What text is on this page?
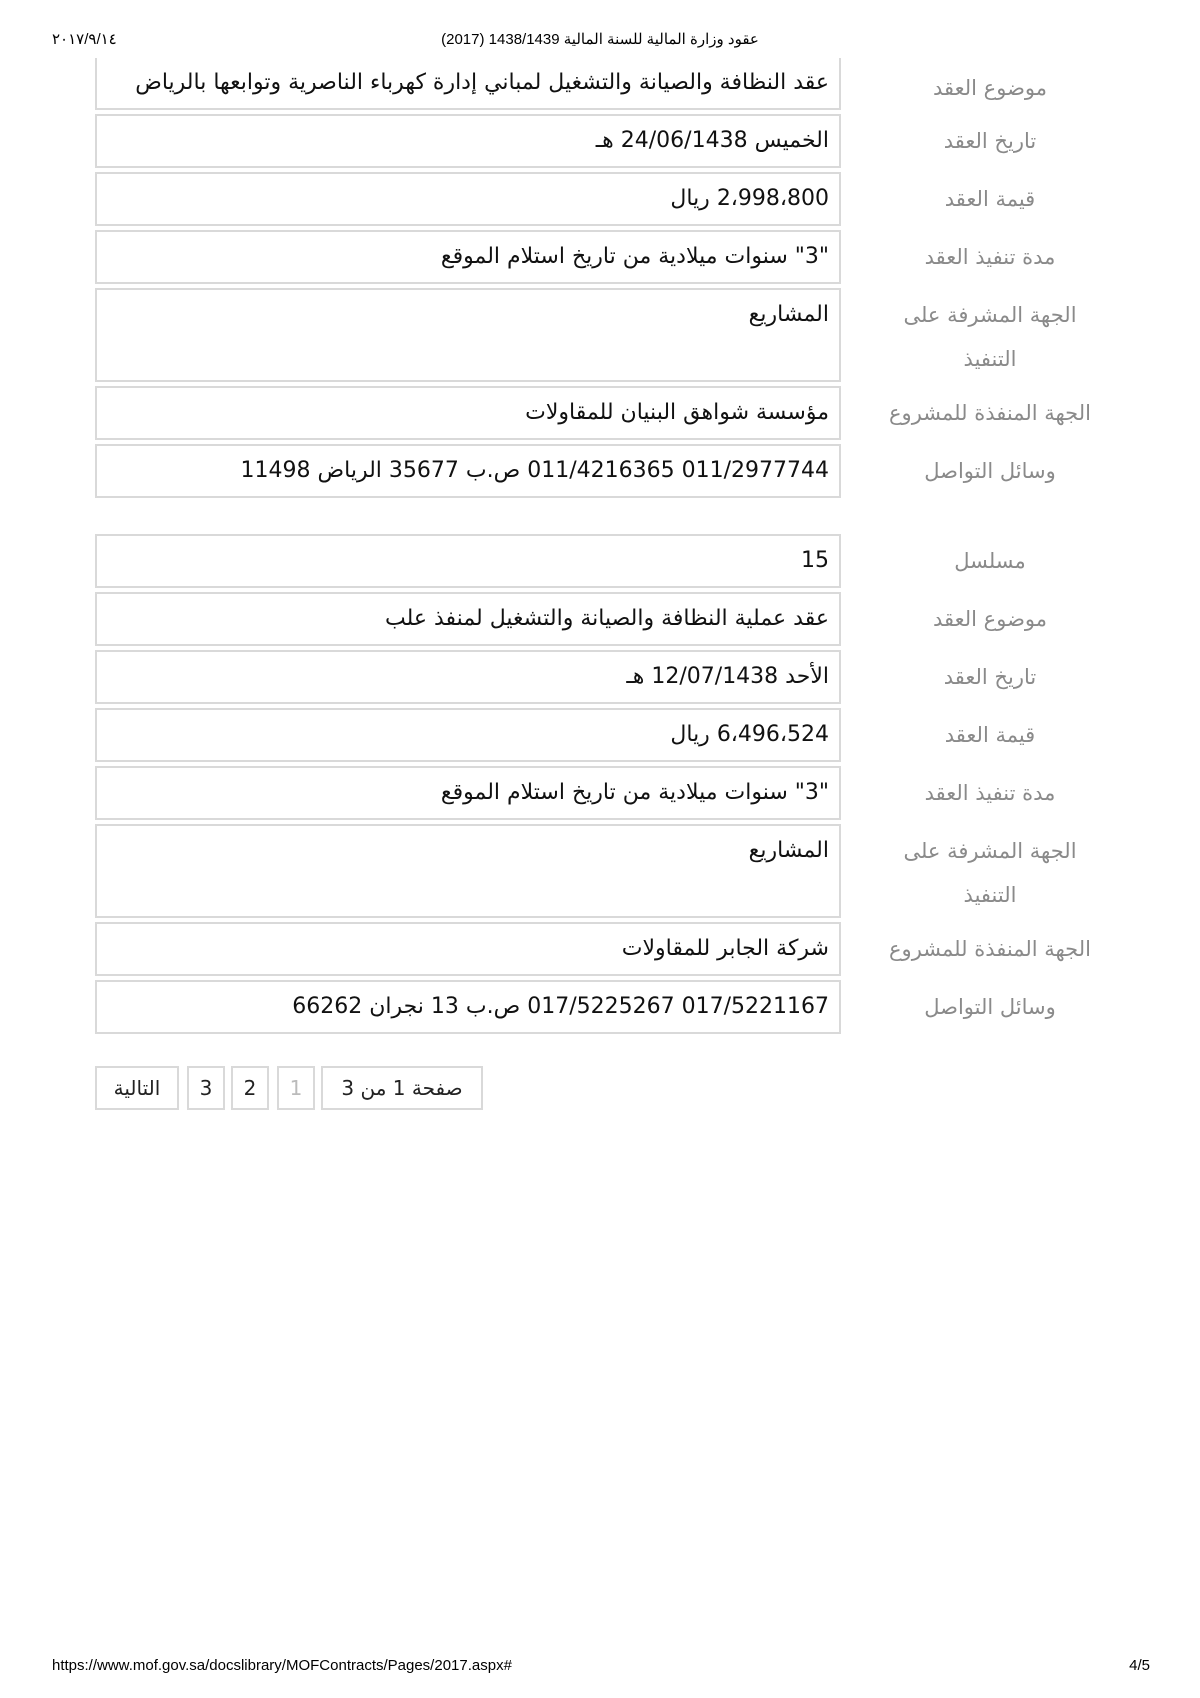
٢٠١٧/٩/١٤	(عقود وزارة المالية للسنة المالية 1438/1439 (2017
عقد النظافة والصيانة والتشغيل لمباني إدارة كهرباء الناصرية وتوابعها بالرياض	موضوع العقد
الخميس 24/06/1438 هـ	تاريخ العقد
2،998،800 ريال	قيمة العقد
"3" سنوات ميلادية من تاريخ استلام الموقع	مدة تنفيذ العقد
المشاريع	الجهة المشرفة على التنفيذ
مؤسسة شواهق البنيان للمقاولات	الجهة المنفذة للمشروع
011/2977744 011/4216365 ص.ب 35677 الرياض 11498	وسائل التواصل
15	مسلسل
عقد عملية النظافة والصيانة والتشغيل لمنفذ علب	موضوع العقد
الأحد 12/07/1438 هـ	تاريخ العقد
6،496،524 ريال	قيمة العقد
"3" سنوات ميلادية من تاريخ استلام الموقع	مدة تنفيذ العقد
المشاريع	الجهة المشرفة على التنفيذ
شركة الجابر للمقاولات	الجهة المنفذة للمشروع
017/5221167 017/5225267 ص.ب 13 نجران 66262	وسائل التواصل
التالية	3	2	1	صفحة 1 من 3
https://www.mof.gov.sa/docslibrary/MOFContracts/Pages/2017.aspx#	4/5
